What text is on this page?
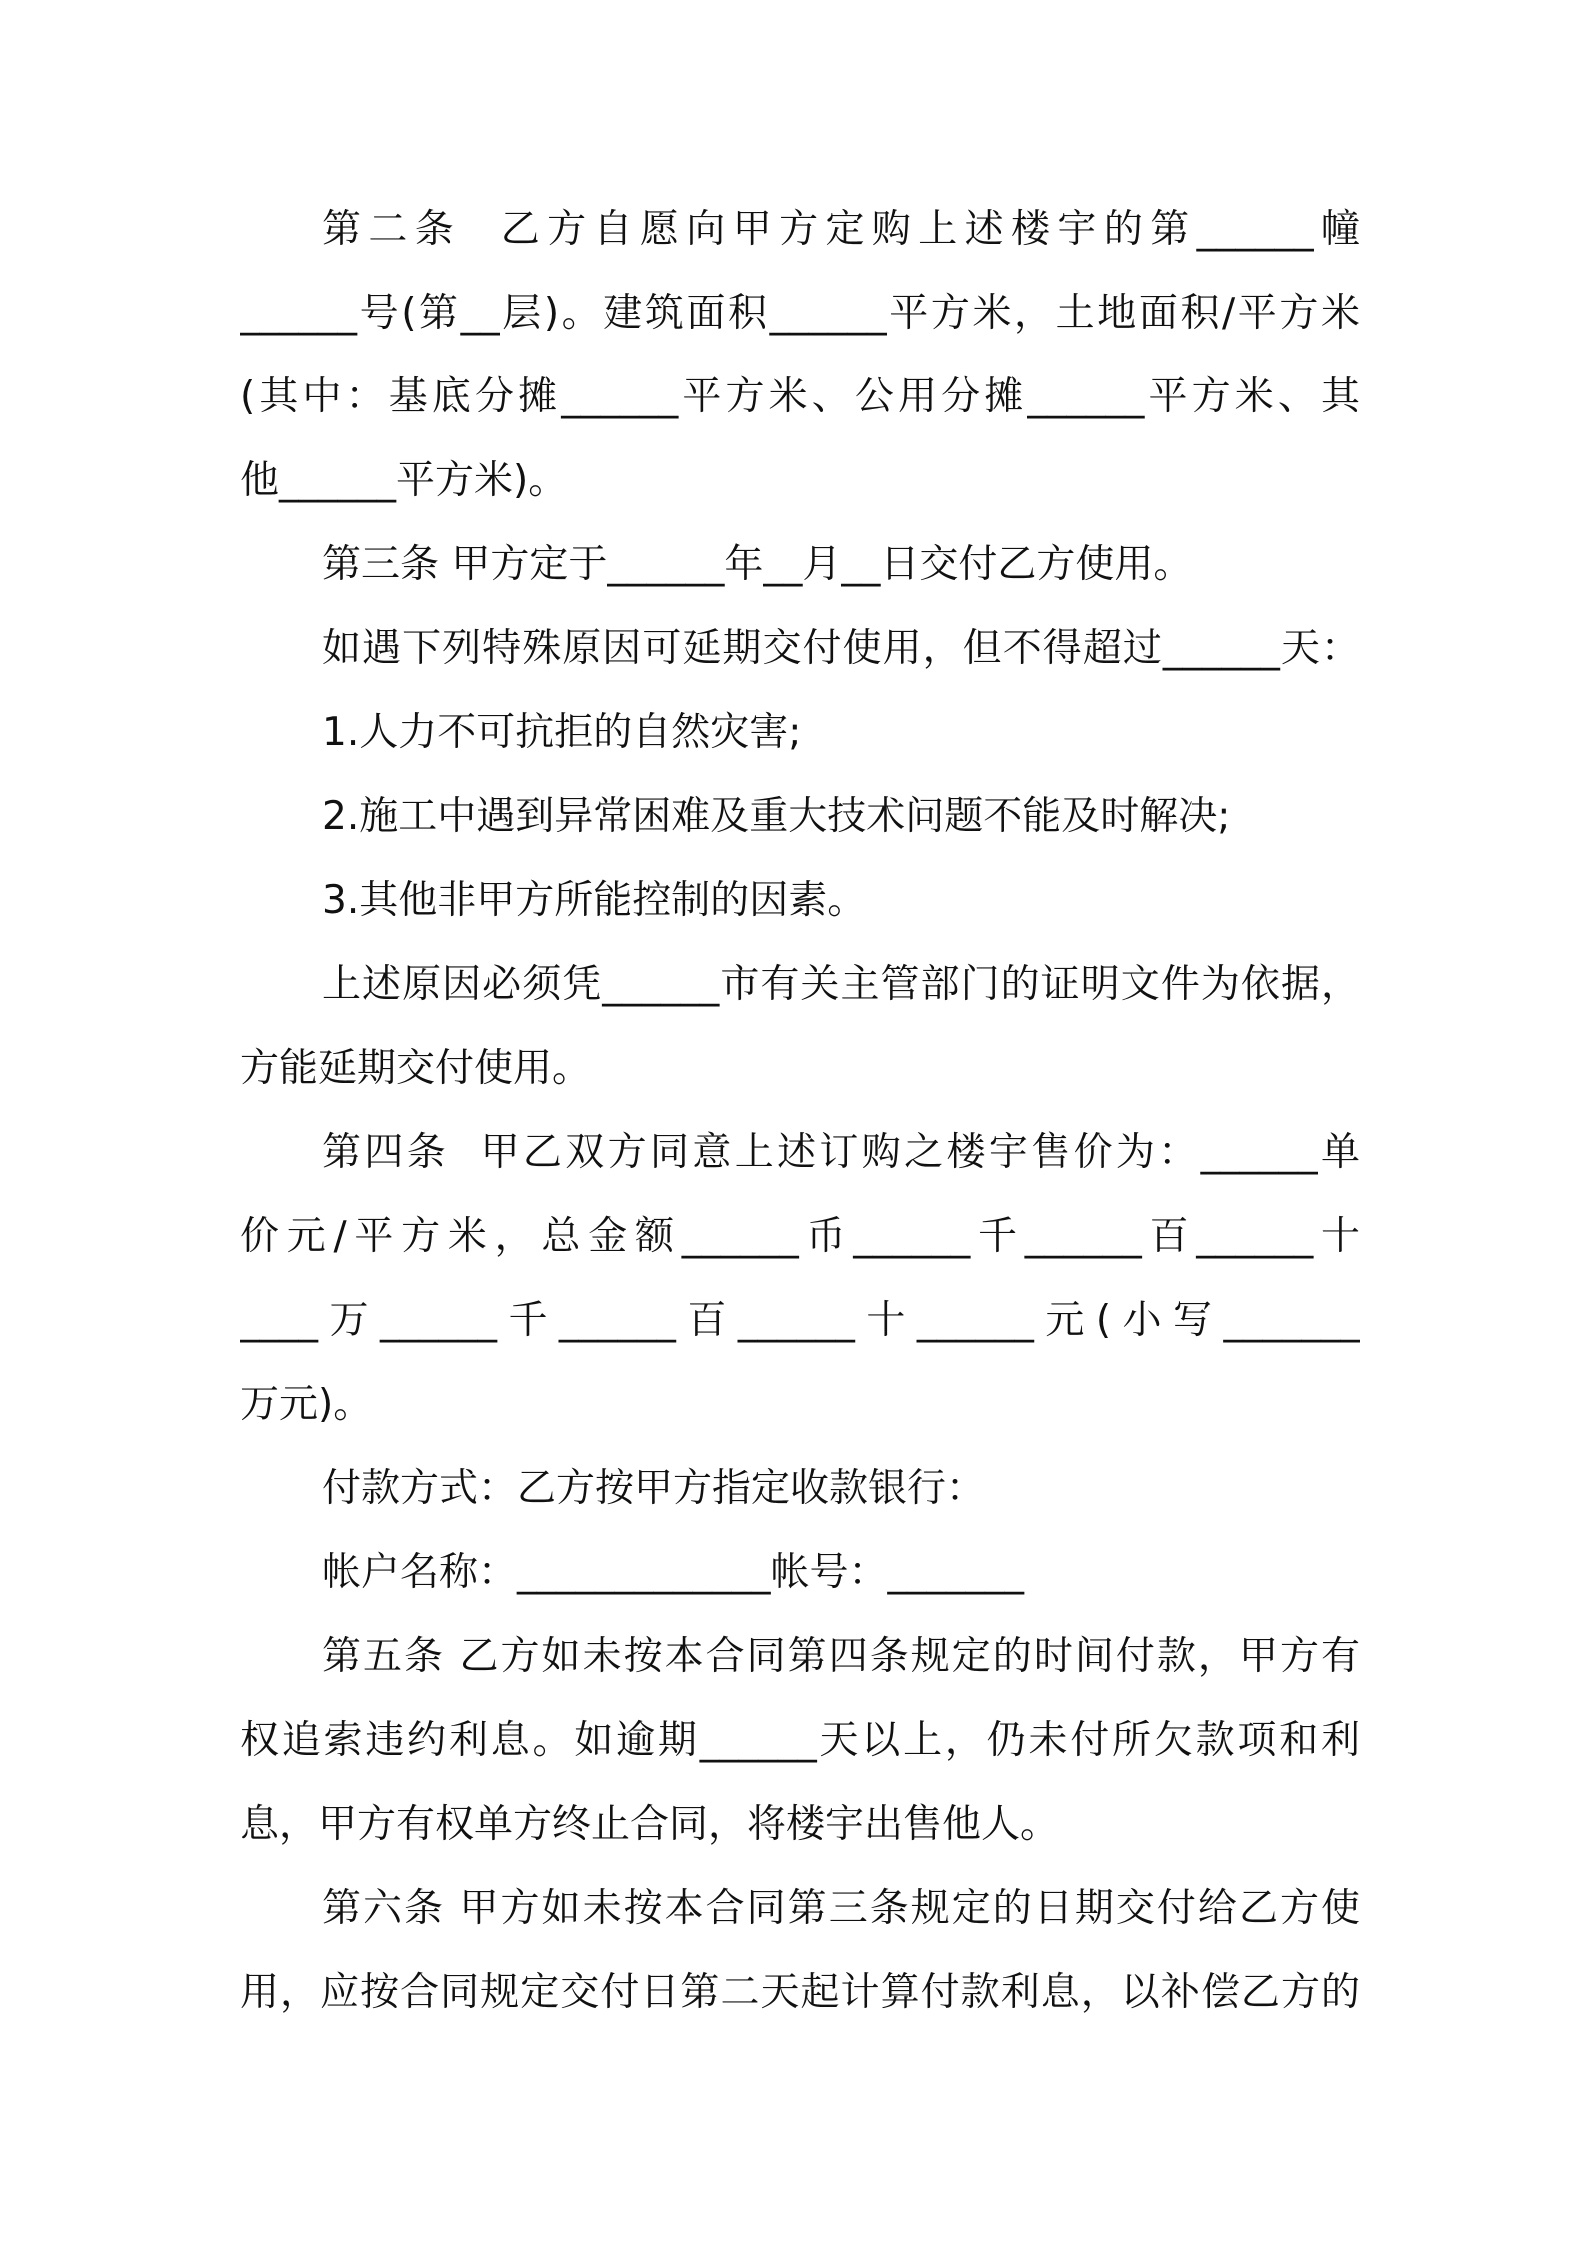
第二条  乙方自愿向甲方定购上述楼宇的第______幢
______号(第__层)。建筑面积______平方米，土地面积/平方米
(其中：基底分摊______平方米、公用分摊______平方米、其
他______平方米)。
第三条 甲方定于______年__月__日交付乙方使用。
如遇下列特殊原因可延期交付使用，但不得超过______天：
1.人力不可抗拒的自然灾害;
2.施工中遇到异常困难及重大技术问题不能及时解决;
3.其他非甲方所能控制的因素。
上述原因必须凭______市有关主管部门的证明文件为依据，
方能延期交付使用。
第四条  甲乙双方同意上述订购之楼宇售价为：______单
价元/平方米，总金额______币______千______百______十
____万______千______百______十______元(小写_______
万元)。
付款方式：乙方按甲方指定收款银行：
帐户名称：_____________帐号：_______
第五条 乙方如未按本合同第四条规定的时间付款，甲方有
权追索违约利息。如逾期______天以上，仍未付所欠款项和利
息，甲方有权单方终止合同，将楼宇出售他人。
第六条 甲方如未按本合同第三条规定的日期交付给乙方使
用，应按合同规定交付日第二天起计算付款利息，以补偿乙方的
